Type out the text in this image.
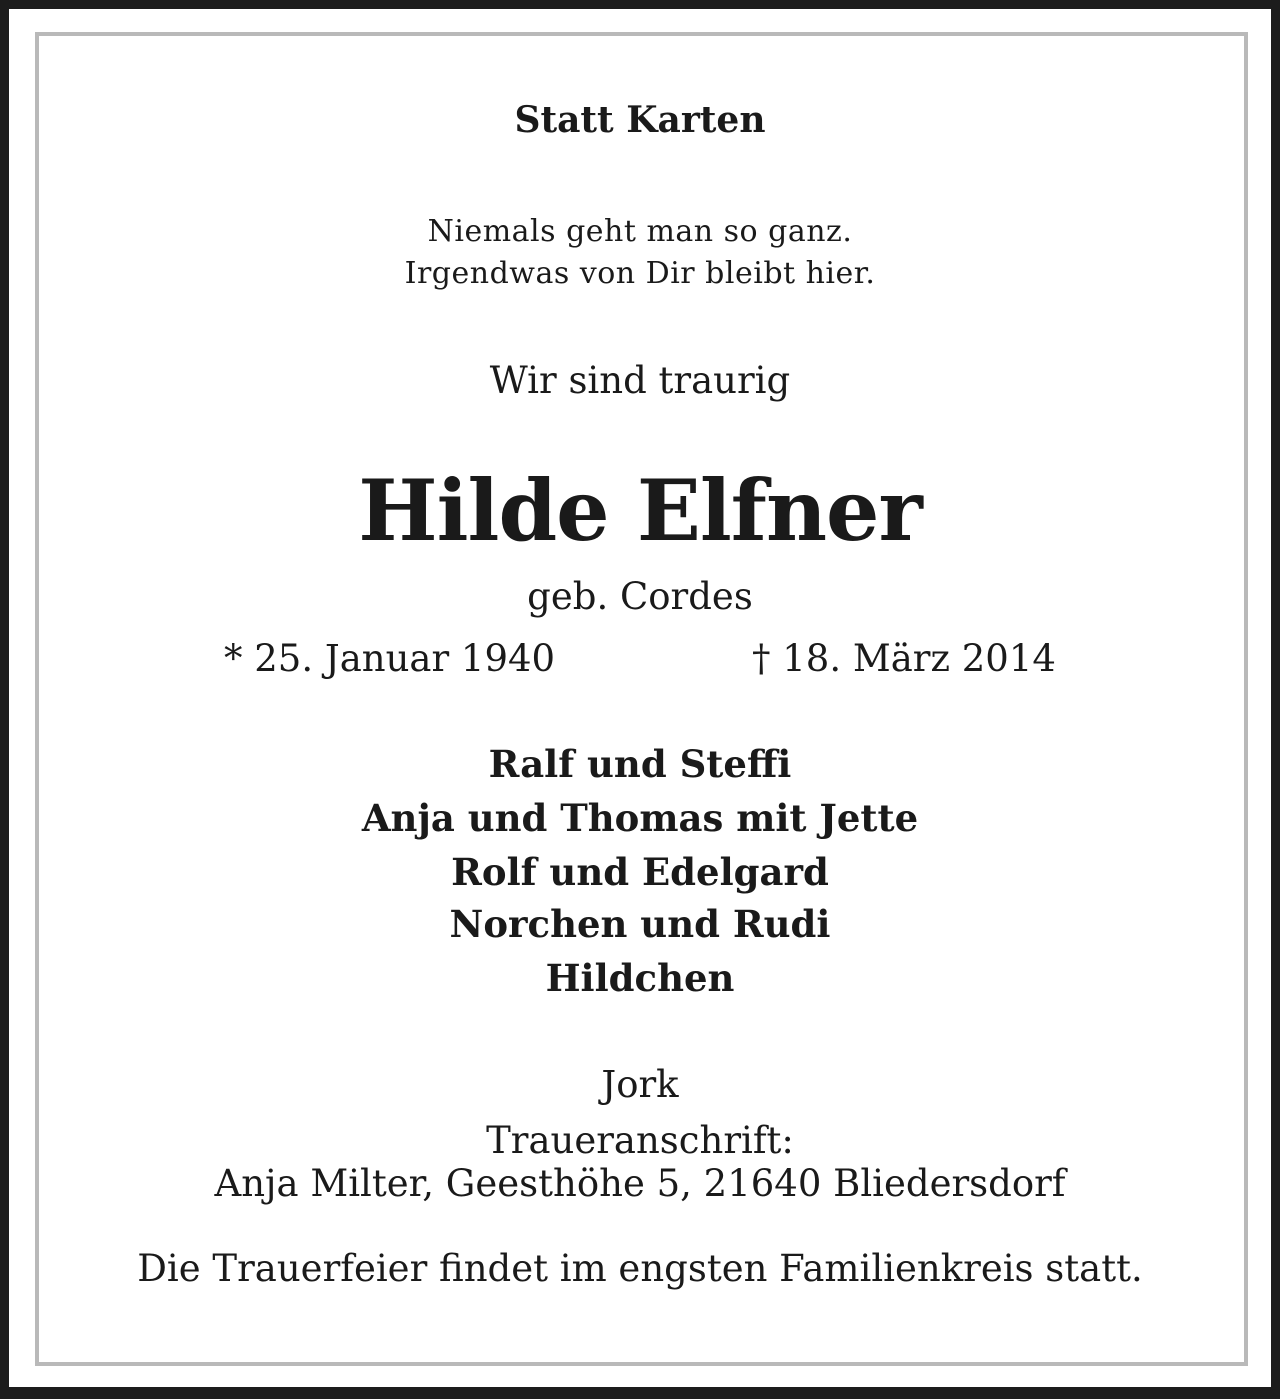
Statt Karten
Niemals geht man so ganz.
Irgendwas von Dir bleibt hier.
Wir sind traurig
Hilde Elfner
geb. Cordes
* 25. Januar 1940	† 18. März 2014
Ralf und Steffi
Anja und Thomas mit Jette
Rolf und Edelgard
Norchen und Rudi
Hildchen
Jork
Traueranschrift:
Anja Milter, Geesthöhe 5, 21640 Bliedersdorf
Die Trauerfeier findet im engsten Familienkreis statt.
